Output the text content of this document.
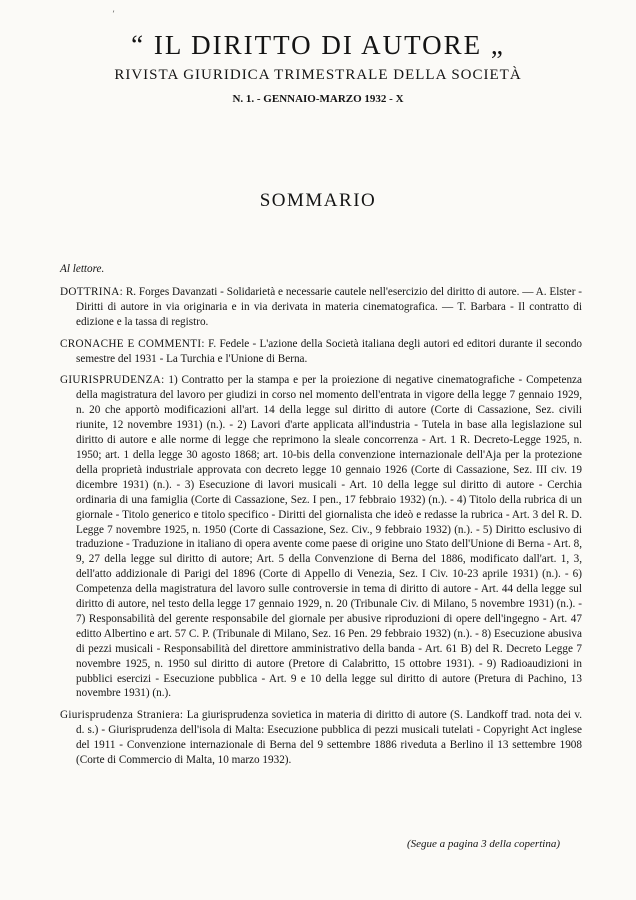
ʼ
“ IL DIRITTO DI AUTORE „
RIVISTA GIURIDICA TRIMESTRALE DELLA SOCIETÀ
N. 1. - GENNAIO-MARZO 1932 - X
SOMMARIO
Al lettore.
DOTTRINA: R. Forges Davanzati - Solidarietà e necessarie cautele nell'esercizio del diritto di autore. — A. Elster - Diritti di autore in via originaria e in via derivata in materia cinematografica. — T. Barbara - Il contratto di edizione e la tassa di registro.
CRONACHE E COMMENTI: F. Fedele - L'azione della Società italiana degli autori ed editori durante il secondo semestre del 1931 - La Turchia e l'Unione di Berna.
GIURISPRUDENZA: 1) Contratto per la stampa e per la proiezione di negative cinematografiche - Competenza della magistratura del lavoro per giudizi in corso nel momento dell'entrata in vigore della legge 7 gennaio 1929, n. 20 che apportò modificazioni all'art. 14 della legge sul diritto di autore (Corte di Cassazione, Sez. civili riunite, 12 novembre 1931) (n.). - 2) Lavori d'arte applicata all'industria - Tutela in base alla legislazione sul diritto di autore e alle norme di legge che reprimono la sleale concorrenza - Art. 1 R. Decreto-Legge 1925, n. 1950; art. 1 della legge 30 agosto 1868; art. 10-bis della convenzione internazionale dell'Aja per la protezione della proprietà industriale approvata con decreto legge 10 gennaio 1926 (Corte di Cassazione, Sez. III civ. 19 dicembre 1931) (n.). - 3) Esecuzione di lavori musicali - Art. 10 della legge sul diritto di autore - Cerchia ordinaria di una famiglia (Corte di Cassazione, Sez. I pen., 17 febbraio 1932) (n.). - 4) Titolo della rubrica di un giornale - Titolo generico e titolo specifico - Diritti del giornalista che ideò e redasse la rubrica - Art. 3 del R. D. Legge 7 novembre 1925, n. 1950 (Corte di Cassazione, Sez. Civ., 9 febbraio 1932) (n.). - 5) Diritto esclusivo di traduzione - Traduzione in italiano di opera avente come paese di origine uno Stato dell'Unione di Berna - Art. 8, 9, 27 della legge sul diritto di autore; Art. 5 della Convenzione di Berna del 1886, modificato dall'art. 1, 3, dell'atto addizionale di Parigi del 1896 (Corte di Appello di Venezia, Sez. I Civ. 10-23 aprile 1931) (n.). - 6) Competenza della magistratura del lavoro sulle controversie in tema di diritto di autore - Art. 44 della legge sul diritto di autore, nel testo della legge 17 gennaio 1929, n. 20 (Tribunale Civ. di Milano, 5 novembre 1931) (n.). - 7) Responsabilità del gerente responsabile del giornale per abusive riproduzioni di opere dell'ingegno - Art. 47 editto Albertino e art. 57 C. P. (Tribunale di Milano, Sez. 16 Pen. 29 febbraio 1932) (n.). - 8) Esecuzione abusiva di pezzi musicali - Responsabilità del direttore amministrativo della banda - Art. 61 B) del R. Decreto Legge 7 novembre 1925, n. 1950 sul diritto di autore (Pretore di Calabritto, 15 ottobre 1931). - 9) Radioaudizioni in pubblici esercizi - Esecuzione pubblica - Art. 9 e 10 della legge sul diritto di autore (Pretura di Pachino, 13 novembre 1931) (n.).
Giurisprudenza Straniera: La giurisprudenza sovietica in materia di diritto di autore (S. Landkoff trad. nota dei v. d. s.) - Giurisprudenza dell'isola di Malta: Esecuzione pubblica di pezzi musicali tutelati - Copyright Act inglese del 1911 - Convenzione internazionale di Berna del 9 settembre 1886 riveduta a Berlino il 13 settembre 1908 (Corte di Commercio di Malta, 10 marzo 1932).
(Segue a pagina 3 della copertina)
